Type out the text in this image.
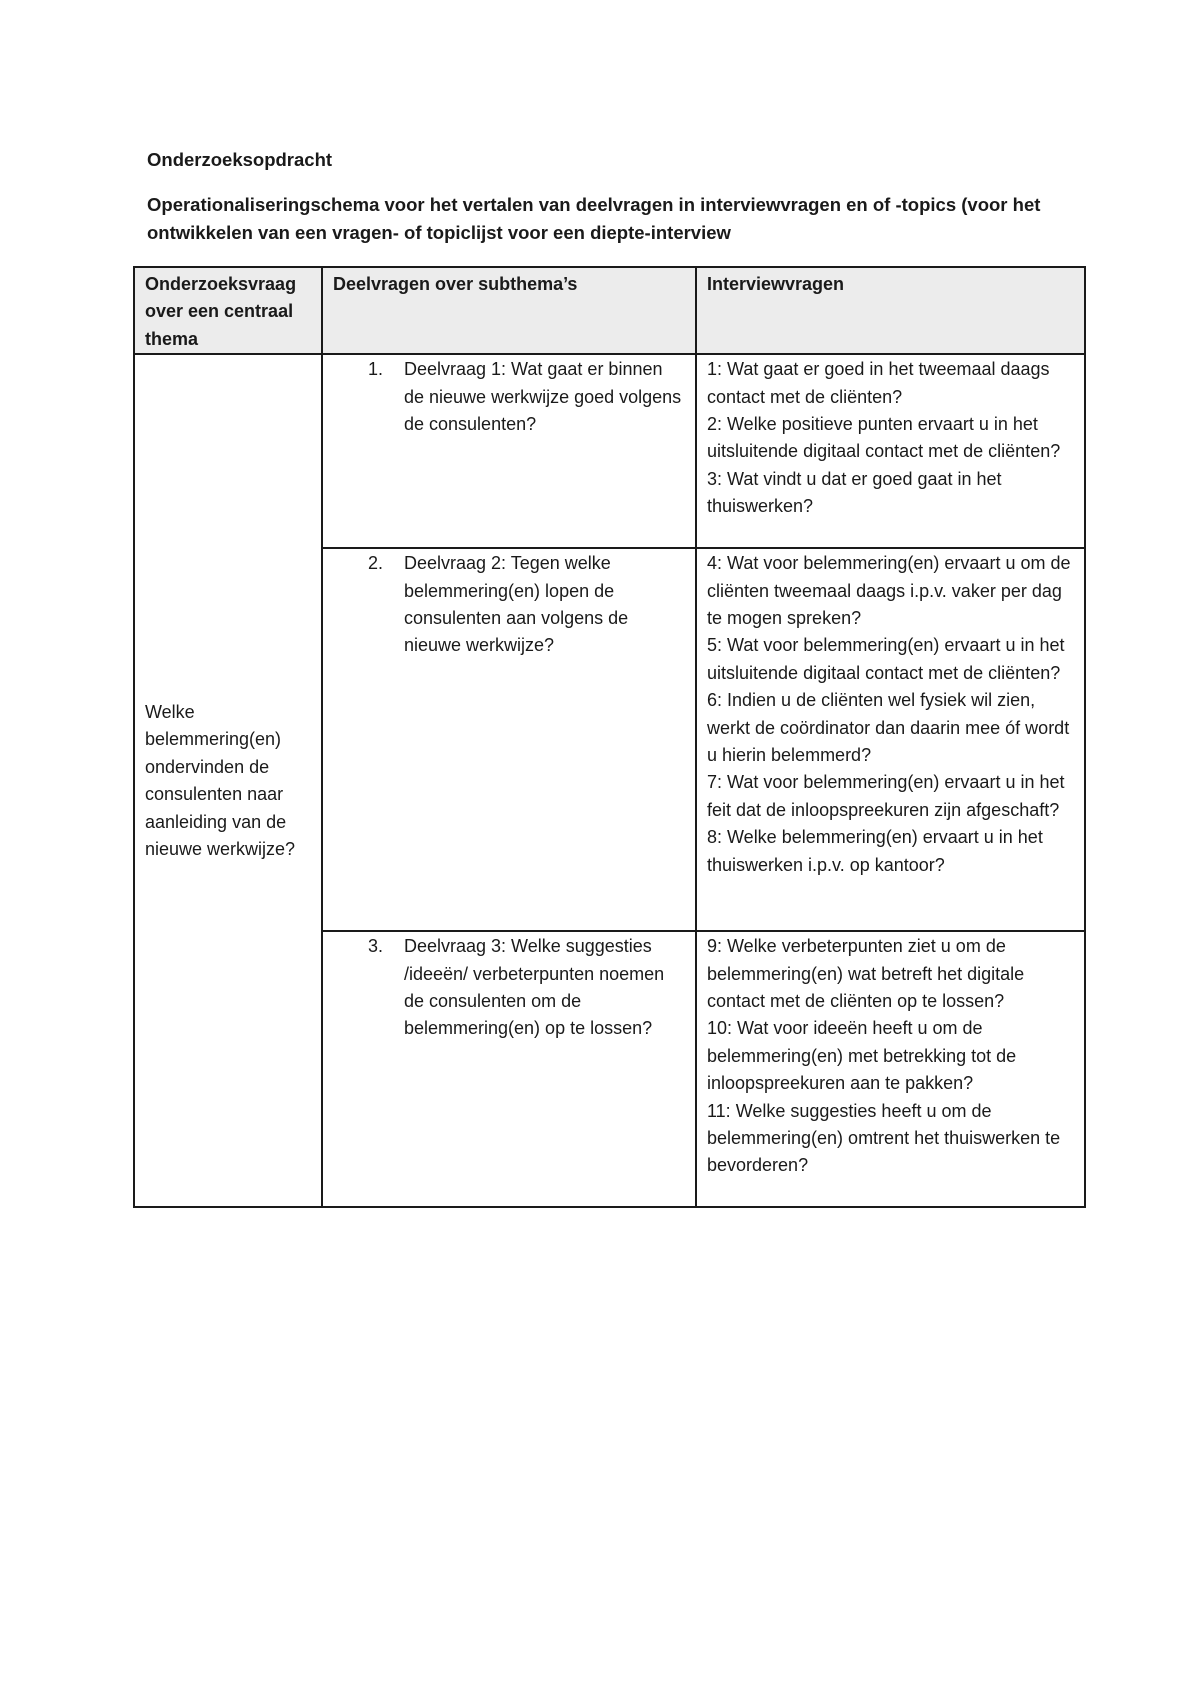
Onderzoeksopdracht

Operationaliseringschema voor het vertalen van deelvragen in interviewvragen en of -topics (voor het ontwikkelen van een vragen- of topiclijst voor een diepte-interview

Onderzoeksvraag over een centraal thema	Deelvragen over subthema’s	Interviewvragen
Welke belemmering(en) ondervinden de consulenten naar aanleiding van de nieuwe werkwijze?	1. Deelvraag 1: Wat gaat er binnen de nieuwe werkwijze goed volgens de consulenten?	1: Wat gaat er goed in het tweemaal daags contact met de cliënten?
2: Welke positieve punten ervaart u in het uitsluitende digitaal contact met de cliënten?
3: Wat vindt u dat er goed gaat in het thuiswerken?

	2. Deelvraag 2: Tegen welke belemmering(en) lopen de consulenten aan volgens de nieuwe werkwijze?	4: Wat voor belemmering(en) ervaart u om de cliënten tweemaal daags i.p.v. vaker per dag te mogen spreken?
5: Wat voor belemmering(en) ervaart u in het uitsluitende digitaal contact met de cliënten?
6: Indien u de cliënten wel fysiek wil zien, werkt de coördinator dan daarin mee óf wordt u hierin belemmerd?
7: Wat voor belemmering(en) ervaart u in het feit dat de inloopspreekuren zijn afgeschaft?
8: Welke belemmering(en) ervaart u in het thuiswerken i.p.v. op kantoor?

	3. Deelvraag 3: Welke suggesties /ideeën/ verbeterpunten noemen de consulenten om de belemmering(en) op te lossen?	9: Welke verbeterpunten ziet u om de belemmering(en) wat betreft het digitale contact met de cliënten op te lossen?
10: Wat voor ideeën heeft u om de belemmering(en) met betrekking tot de inloopspreekuren aan te pakken?
11: Welke suggesties heeft u om de belemmering(en) omtrent het thuiswerken te bevorderen?
